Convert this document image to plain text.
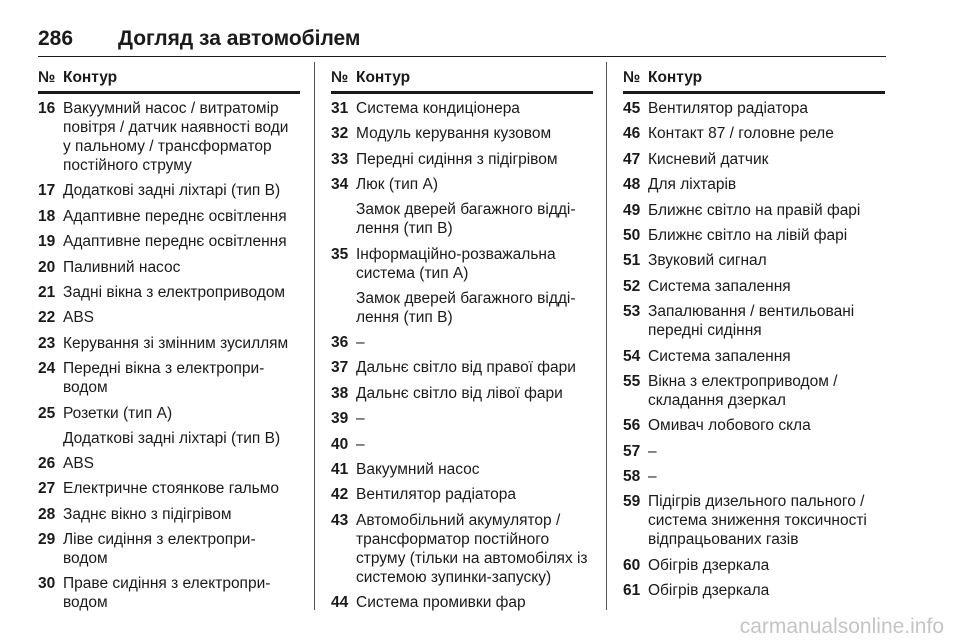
286 Догляд за автомобілем
№ Контур
16 Вакуумний насос / витратомір повітря / датчик наявності води у пальному / трансформатор постійного струму

17 Додаткові задні ліхтарі (тип B)

18 Адаптивне переднє освітлення

19 Адаптивне переднє освітлення

20 Паливний насос

21 Задні вікна з електроприводом

22 ABS

23 Керування зі змінним зусиллям

24 Передні вікна з електропри-водом

25 Розетки (тип А)

Додаткові задні ліхтарі (тип B)

26 ABS

27 Електричне стоянкове гальмо

28 Заднє вікно з підігрівом

29 Ліве сидіння з електропри-водом

30 Праве сидіння з електропри-водом

№ Контур
31 Система кондиціонера

32 Модуль керування кузовом

33 Передні сидіння з підігрівом

34 Люк (тип А)

Замок дверей багажного відді-лення (тип B)

35 Інформаційно-розважальна система (тип А)

Замок дверей багажного відді-лення (тип B)

36 –

37 Дальнє світло від правої фари

38 Дальнє світло від лівої фари

39 –

40 –

41 Вакуумний насос

42 Вентилятор радіатора

43 Автомобільний акумулятор / трансформатор постійного струму (тільки на автомобілях із системою зупинки-запуску)

44 Система промивки фар

№ Контур
45 Вентилятор радіатора

46 Контакт 87 / головне реле

47 Кисневий датчик

48 Для ліхтарів

49 Ближнє світло на правій фарі

50 Ближнє світло на лівій фарі

51 Звуковий сигнал

52 Система запалення

53 Запалювання / вентильовані передні сидіння

54 Система запалення

55 Вікна з електроприводом / складання дзеркал

56 Омивач лобового скла

57 –

58 –

59 Підігрів дизельного пального / система зниження токсичності відпрацьованих газів

60 Обігрів дзеркала

61 Обігрів дзеркала

carmanualsonline.info
